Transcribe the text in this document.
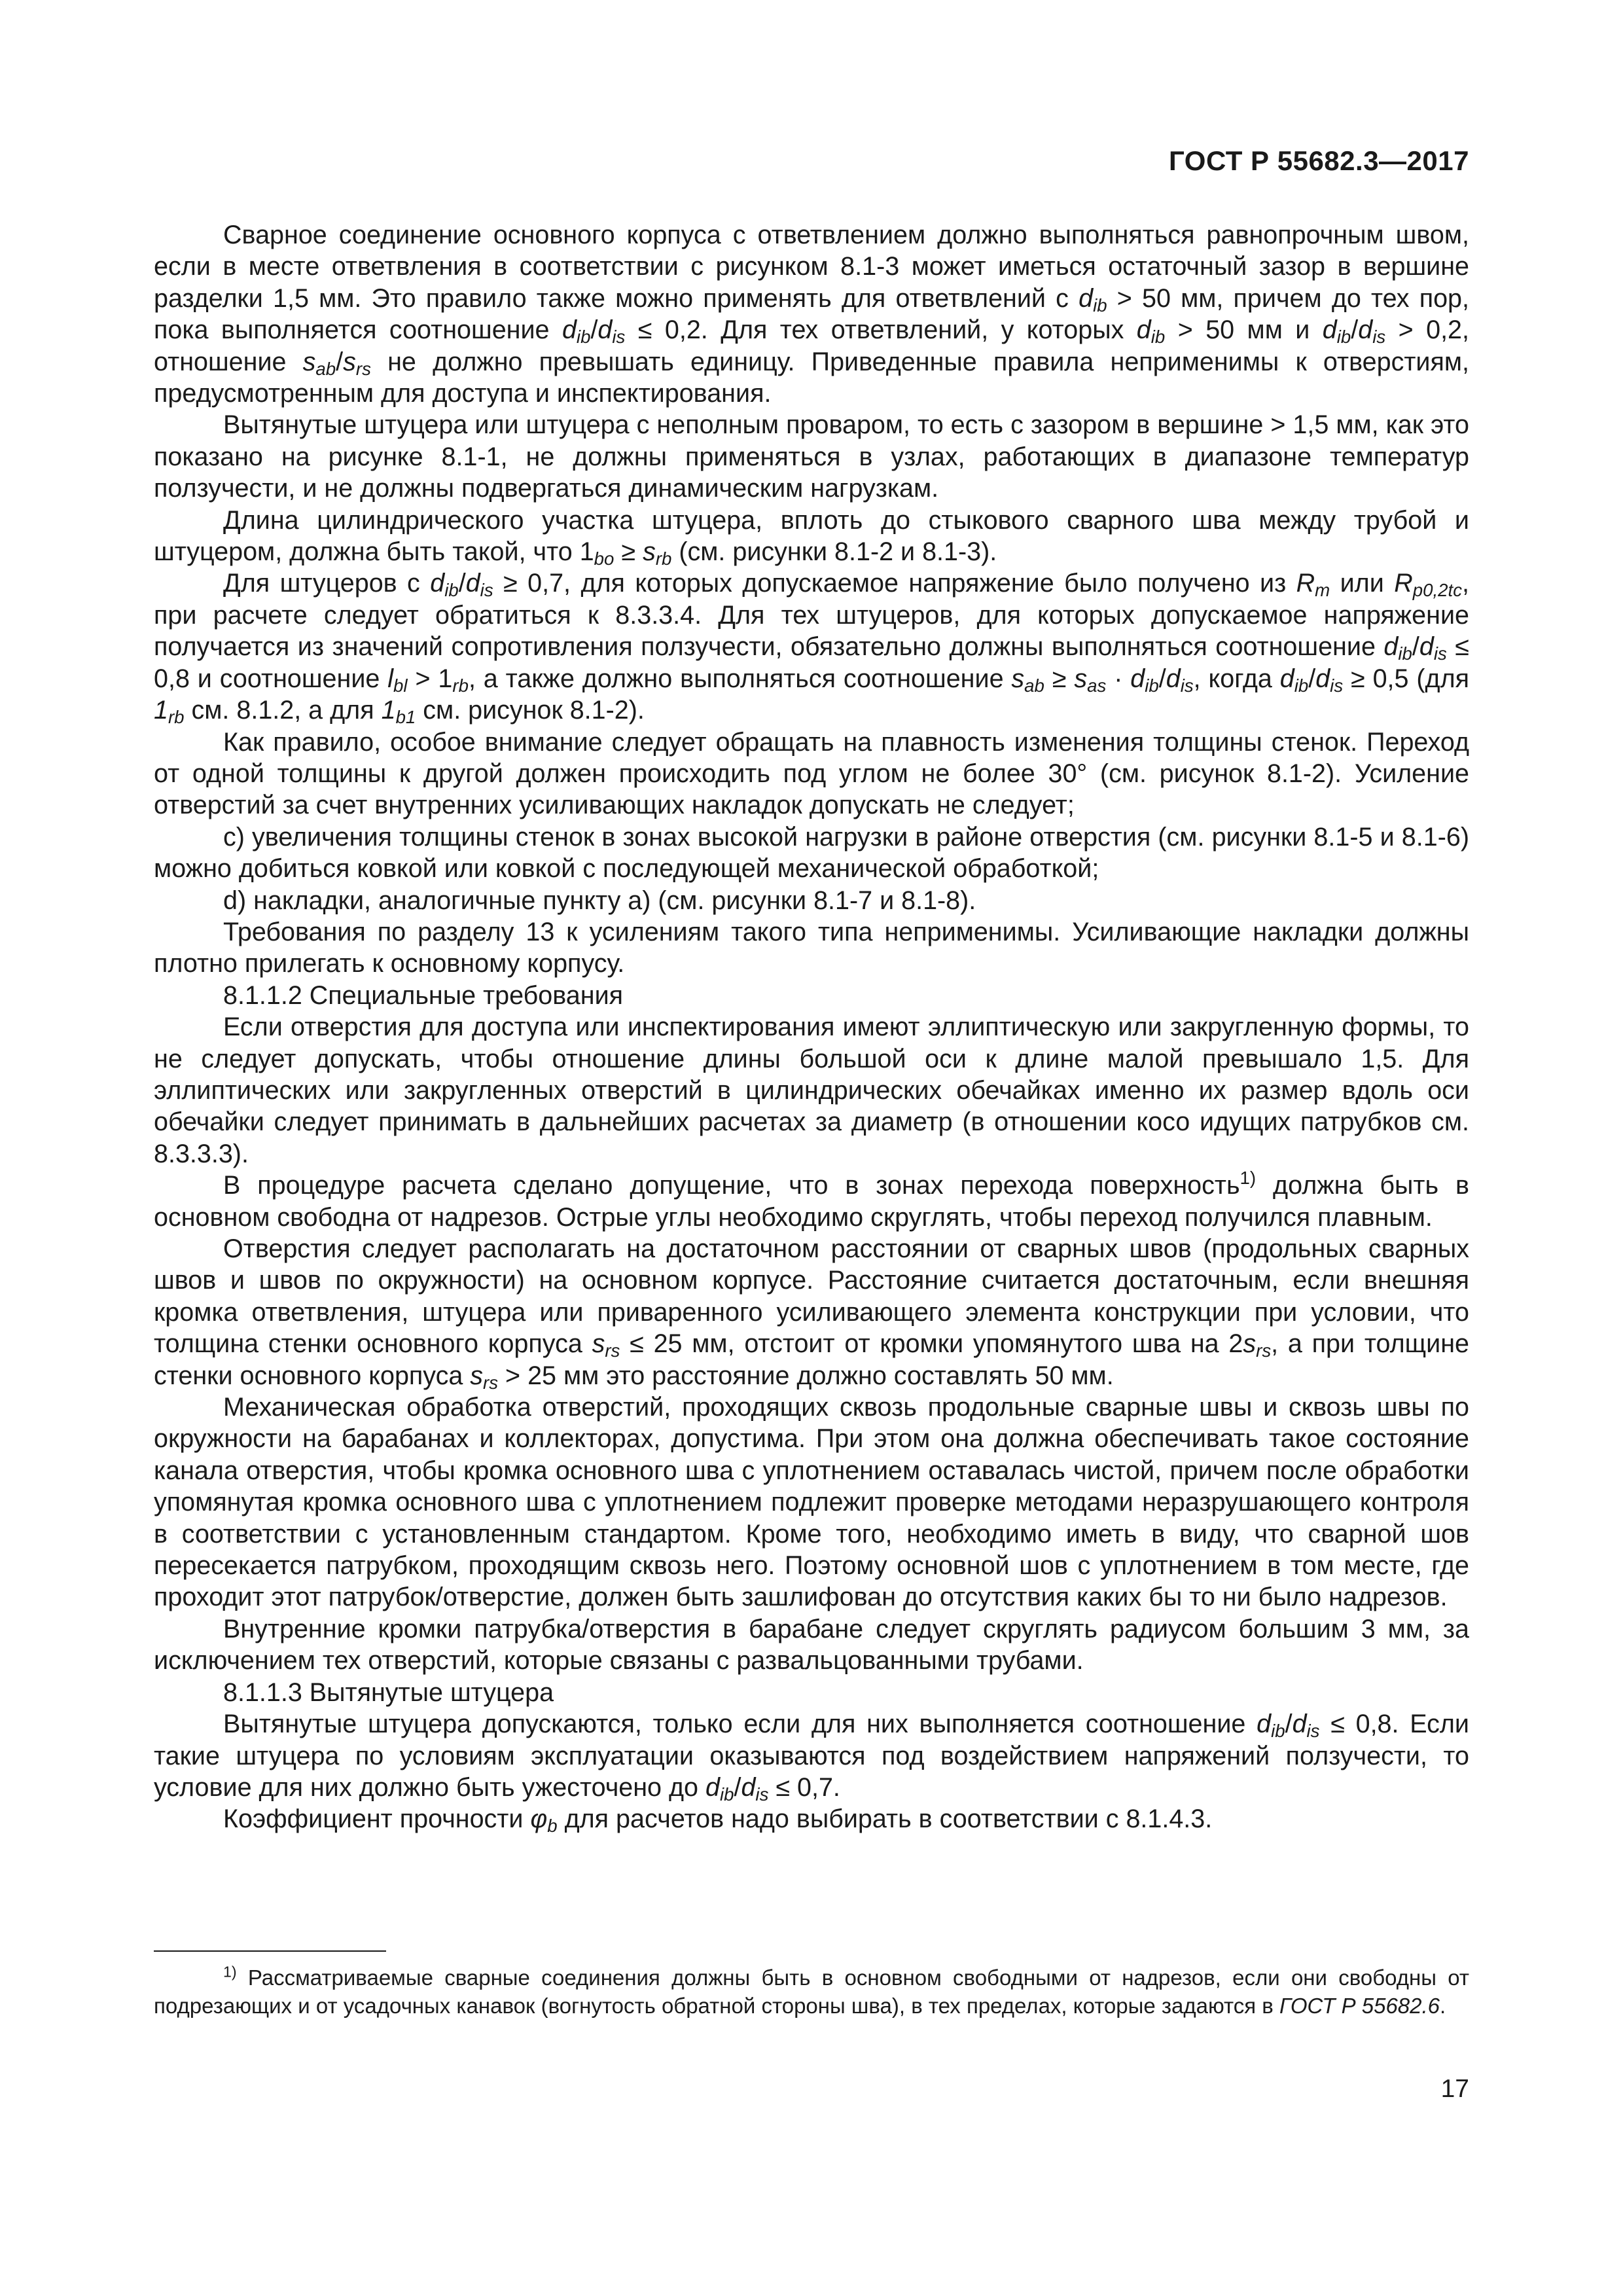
ГОСТ Р 55682.3—2017

Сварное соединение основного корпуса с ответвлением должно выполняться равнопрочным швом, если в месте ответвления в соответствии с рисунком 8.1-3 может иметься остаточный зазор в вершине разделки 1,5 мм. Это правило также можно применять для ответвлений с $d_{ib} > 50$ мм, причем до тех пор, пока выполняется соотношение $d_{ib}/d_{is} \le 0,2$. Для тех ответвлений, у которых $d_{ib} > 50$ мм и $d_{ib}/d_{is} > 0,2$, отношение $s_{ab}/s_{rs}$ не должно превышать единицу. Приведенные правила неприменимы к отверстиям, предусмотренным для доступа и инспектирования.

Вытянутые штуцера или штуцера с неполным проваром, то есть с зазором в вершине > 1,5 мм, как это показано на рисунке 8.1-1, не должны применяться в узлах, работающих в диапазоне температур ползучести, и не должны подвергаться динамическим нагрузкам.

Длина цилиндрического участка штуцера, вплоть до стыкового сварного шва между трубой и штуцером, должна быть такой, что $1_{bo} \ge s_{rb}$ (см. рисунки 8.1-2 и 8.1-3).

Для штуцеров с $d_{ib}/d_{is} \ge 0,7$, для которых допускаемое напряжение было получено из $R_m$ или $R_{p0,2tc}$, при расчете следует обратиться к 8.3.3.4. Для тех штуцеров, для которых допускаемое напряжение получается из значений сопротивления ползучести, обязательно должны выполняться соотношение $d_{ib}/d_{is} \le 0,8$ и соотношение $l_{bl} > 1_{rb}$, а также должно выполняться соотношение $s_{ab} \ge s_{as} \cdot d_{ib}/d_{is}$, когда $d_{ib}/d_{is} \ge 0,5$ (для $1_{rb}$ см. 8.1.2, а для $1_{b1}$ см. рисунок 8.1-2).

Как правило, особое внимание следует обращать на плавность изменения толщины стенок. Переход от одной толщины к другой должен происходить под углом не более 30° (см. рисунок 8.1-2). Усиление отверстий за счет внутренних усиливающих накладок допускать не следует;

c) увеличения толщины стенок в зонах высокой нагрузки в районе отверстия (см. рисунки 8.1-5 и 8.1-6) можно добиться ковкой или ковкой с последующей механической обработкой;

d) накладки, аналогичные пункту а) (см. рисунки 8.1-7 и 8.1-8).

Требования по разделу 13 к усилениям такого типа неприменимы. Усиливающие накладки должны плотно прилегать к основному корпусу.

8.1.1.2 Специальные требования

Если отверстия для доступа или инспектирования имеют эллиптическую или закругленную формы, то не следует допускать, чтобы отношение длины большой оси к длине малой превышало 1,5. Для эллиптических или закругленных отверстий в цилиндрических обечайках именно их размер вдоль оси обечайки следует принимать в дальнейших расчетах за диаметр (в отношении косо идущих патрубков см. 8.3.3.3).

В процедуре расчета сделано допущение, что в зонах перехода поверхность$^{1)}$ должна быть в основном свободна от надрезов. Острые углы необходимо скруглять, чтобы переход получился плавным.

Отверстия следует располагать на достаточном расстоянии от сварных швов (продольных сварных швов и швов по окружности) на основном корпусе. Расстояние считается достаточным, если внешняя кромка ответвления, штуцера или приваренного усиливающего элемента конструкции при условии, что толщина стенки основного корпуса $s_{rs} \le 25$ мм, отстоит от кромки упомянутого шва на $2s_{rs}$, а при толщине стенки основного корпуса $s_{rs} > 25$ мм это расстояние должно составлять 50 мм.

Механическая обработка отверстий, проходящих сквозь продольные сварные швы и сквозь швы по окружности на барабанах и коллекторах, допустима. При этом она должна обеспечивать такое состояние канала отверстия, чтобы кромка основного шва с уплотнением оставалась чистой, причем после обработки упомянутая кромка основного шва с уплотнением подлежит проверке методами неразрушающего контроля в соответствии с установленным стандартом. Кроме того, необходимо иметь в виду, что сварной шов пересекается патрубком, проходящим сквозь него. Поэтому основной шов с уплотнением в том месте, где проходит этот патрубок/отверстие, должен быть зашлифован до отсутствия каких бы то ни было надрезов.

Внутренние кромки патрубка/отверстия в барабане следует скруглять радиусом большим 3 мм, за исключением тех отверстий, которые связаны с развальцованными трубами.

8.1.1.3 Вытянутые штуцера

Вытянутые штуцера допускаются, только если для них выполняется соотношение $d_{ib}/d_{is} \le 0,8$. Если такие штуцера по условиям эксплуатации оказываются под воздействием напряжений ползучести, то условие для них должно быть ужесточено до $d_{ib}/d_{is} \le 0,7$.

Коэффициент прочности $\varphi_b$ для расчетов надо выбирать в соответствии с 8.1.4.3.

$^{1)}$ Рассматриваемые сварные соединения должны быть в основном свободными от надрезов, если они свободны от подрезающих и от усадочных канавок (вогнутость обратной стороны шва), в тех пределах, которые задаются в ГОСТ Р 55682.6.

17
